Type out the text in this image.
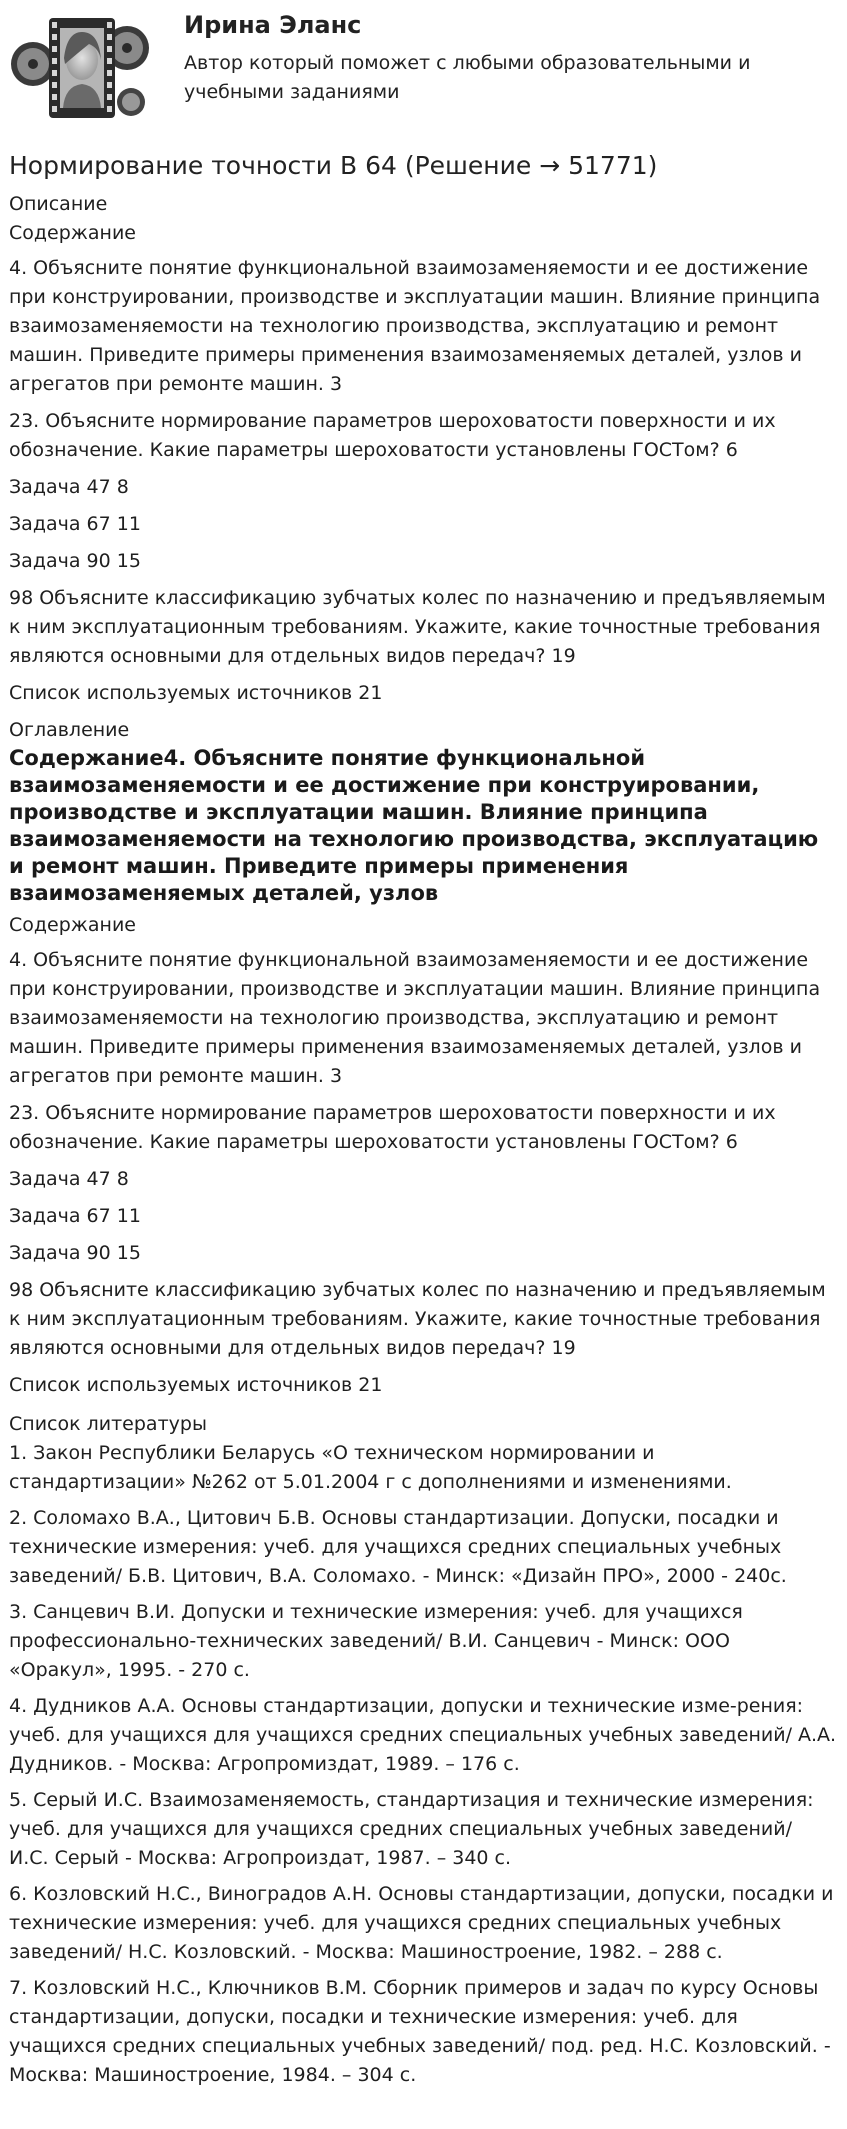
Ирина Эланс
Автор который поможет с любыми образовательными и учебными заданиями
Нормирование точности В 64 (Решение → 51771)
Описание
Содержание

4. Объясните понятие функциональной взаимозаменяемости и ее достижение при конструировании, производстве и эксплуатации машин. Влияние принципа взаимозаменяемости на технологию производства, эксплуатацию и ремонт машин. Приведите примеры применения взаимозаменяемых деталей, узлов и агрегатов при ремонте машин. 3

23. Объясните нормирование параметров шероховатости поверхности и их обозначение. Какие параметры шероховатости установлены ГОСТом? 6

Задача 47 8

Задача 67 11

Задача 90 15

98 Объясните классификацию зубчатых колес по назначению и предъявляемым к ним эксплуатационным требованиям. Укажите, какие точностные требования являются основными для отдельных видов передач? 19

Список используемых источников 21

Оглавление
Содержание4. Объясните понятие функциональной взаимозаменяемости и ее достижение при конструировании, производстве и эксплуатации машин. Влияние принципа взаимозаменяемости на технологию производства, эксплуатацию и ремонт машин. Приведите примеры применения взаимозаменяемых деталей, узлов
Содержание

4. Объясните понятие функциональной взаимозаменяемости и ее достижение при конструировании, производстве и эксплуатации машин. Влияние принципа взаимозаменяемости на технологию производства, эксплуатацию и ремонт машин. Приведите примеры применения взаимозаменяемых деталей, узлов и агрегатов при ремонте машин. 3

23. Объясните нормирование параметров шероховатости поверхности и их обозначение. Какие параметры шероховатости установлены ГОСТом? 6

Задача 47 8

Задача 67 11

Задача 90 15

98 Объясните классификацию зубчатых колес по назначению и предъявляемым к ним эксплуатационным требованиям. Укажите, какие точностные требования являются основными для отдельных видов передач? 19

Список используемых источников 21

Список литературы

1. Закон Республики Беларусь «О техническом нормировании и стандартизации» №262 от 5.01.2004 г с дополнениями и изменениями.

2. Соломахо В.А., Цитович Б.В. Основы стандартизации. Допуски, посадки и технические измерения: учеб. для учащихся средних специальных учебных заведений/ Б.В. Цитович, В.А. Соломахо. - Минск: «Дизайн ПРО», 2000 - 240с.

3. Санцевич В.И. Допуски и технические измерения: учеб. для учащихся профессионально-технических заведений/ В.И. Санцевич - Минск: ООО «Оракул», 1995. - 270 с.

4. Дудников А.А. Основы стандартизации, допуски и технические изме-рения: учеб. для учащихся для учащихся средних специальных учебных заведений/ А.А. Дудников. - Москва: Агропромиздат, 1989. – 176 с.

5. Серый И.С. Взаимозаменяемость, стандартизация и технические измерения: учеб. для учащихся для учащихся средних специальных учебных заведений/ И.С. Серый - Москва: Агропроиздат, 1987. – 340 с.

6. Козловский Н.С., Виноградов А.Н. Основы стандартизации, допуски, посадки и технические измерения: учеб. для учащихся средних специальных учебных заведений/ Н.С. Козловский. - Москва: Машиностроение, 1982. – 288 с.

7. Козловский Н.С., Ключников В.М. Сборник примеров и задач по курсу Основы стандартизации, допуски, посадки и технические измерения: учеб. для учащихся средних специальных учебных заведений/ под. ред. Н.С. Козловский. - Москва: Машиностроение, 1984. – 304 с.
